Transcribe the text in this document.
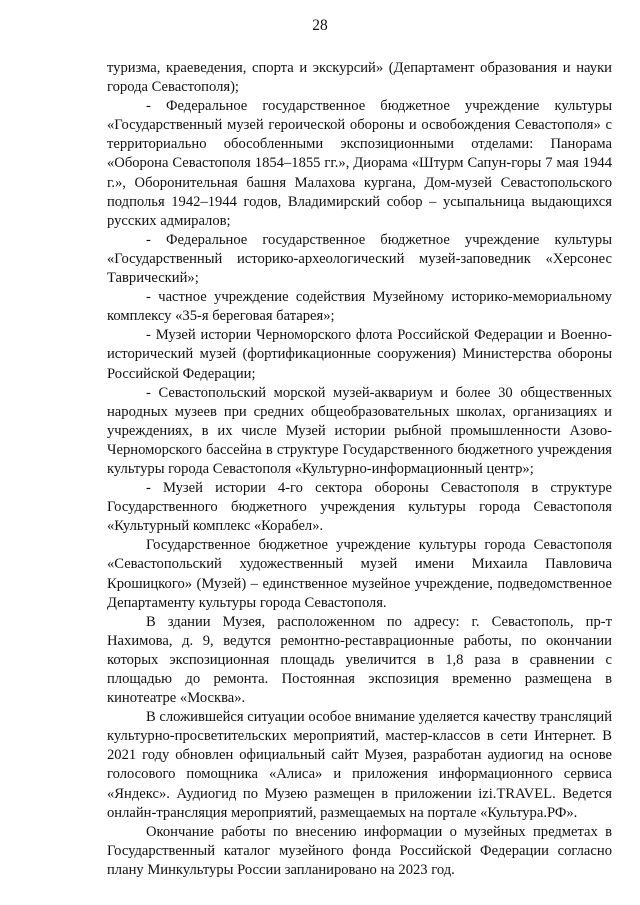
28

туризма, краеведения, спорта и экскурсий» (Департамент образования и науки города Севастополя);

- Федеральное государственное бюджетное учреждение культуры «Государственный музей героической обороны и освобождения Севастополя» с территориально обособленными экспозиционными отделами: Панорама «Оборона Севастополя 1854–1855 гг.», Диорама «Штурм Сапун-горы 7 мая 1944 г.», Оборонительная башня Малахова кургана, Дом-музей Севастопольского подполья 1942–1944 годов, Владимирский собор – усыпальница выдающихся русских адмиралов;

- Федеральное государственное бюджетное учреждение культуры «Государственный историко-археологический музей-заповедник «Херсонес Таврический»;

- частное учреждение содействия Музейному историко-мемориальному комплексу «35-я береговая батарея»;

- Музей истории Черноморского флота Российской Федерации и Военно-исторический музей (фортификационные сооружения) Министерства обороны Российской Федерации;

- Севастопольский морской музей-аквариум и более 30 общественных народных музеев при средних общеобразовательных школах, организациях и учреждениях, в их числе Музей истории рыбной промышленности Азово-Черноморского бассейна в структуре Государственного бюджетного учреждения культуры города Севастополя «Культурно-информационный центр»;

- Музей истории 4-го сектора обороны Севастополя в структуре Государственного бюджетного учреждения культуры города Севастополя «Культурный комплекс «Корабел».

Государственное бюджетное учреждение культуры города Севастополя «Севастопольский художественный музей имени Михаила Павловича Крошицкого» (Музей) – единственное музейное учреждение, подведомственное Департаменту культуры города Севастополя.

В здании Музея, расположенном по адресу: г. Севастополь, пр-т Нахимова, д. 9, ведутся ремонтно-реставрационные работы, по окончании которых экспозиционная площадь увеличится в 1,8 раза в сравнении с площадью до ремонта. Постоянная экспозиция временно размещена в кинотеатре «Москва».

В сложившейся ситуации особое внимание уделяется качеству трансляций культурно-просветительских мероприятий, мастер-классов в сети Интернет. В 2021 году обновлен официальный сайт Музея, разработан аудиогид на основе голосового помощника «Алиса» и приложения информационного сервиса «Яндекс». Аудиогид по Музею размещен в приложении izi.TRAVEL. Ведется онлайн-трансляция мероприятий, размещаемых на портале «Культура.РФ».

Окончание работы по внесению информации о музейных предметах в Государственный каталог музейного фонда Российской Федерации согласно плану Минкультуры России запланировано на 2023 год.
